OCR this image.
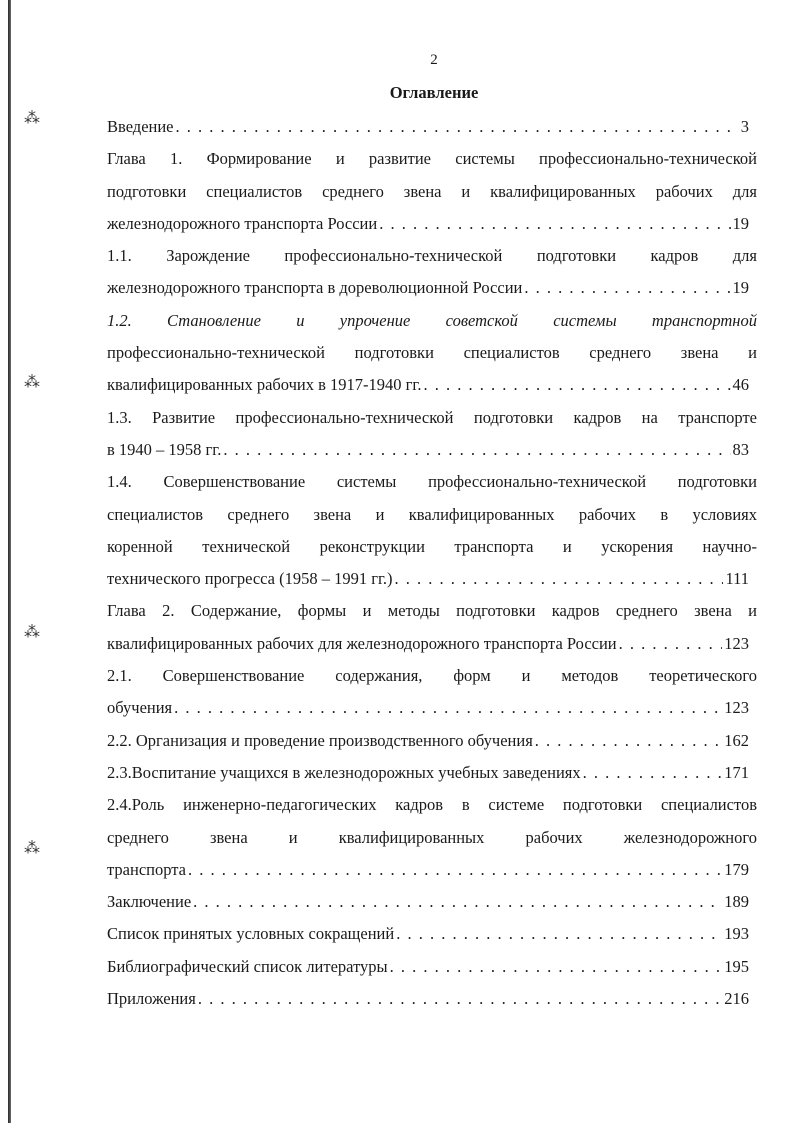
⁂
⁂
⁂
⁂
2
Оглавление
Введение . . .	3
Глава 1. Формирование и развитие системы профессионально-технической
подготовки специалистов среднего звена и квалифицированных рабочих для
железнодорожного транспорта России . . .	19
1.1. Зарождение профессионально-технической подготовки кадров для
железнодорожного транспорта в дореволюционной России . . .	19
1.2. Становление и упрочение советской системы транспортной
профессионально-технической подготовки специалистов среднего звена и
квалифицированных рабочих в 1917-1940 гг. . . .	46
1.3. Развитие профессионально-технической подготовки кадров на транспорте
в 1940 – 1958 гг. . . .	83
1.4. Совершенствование системы профессионально-технической подготовки
специалистов среднего звена и квалифицированных рабочих в условиях
коренной технической реконструкции транспорта и ускорения научно-
технического прогресса (1958 – 1991 гг.) . . .	111
Глава 2. Содержание, формы и методы подготовки кадров среднего звена и
квалифицированных рабочих для железнодорожного транспорта России . . .	123
2.1. Совершенствование содержания, форм и методов теоретического
обучения . . .	123
2.2. Организация и проведение производственного обучения . . .	162
2.3.Воспитание учащихся в железнодорожных учебных заведениях . . .	171
2.4.Роль инженерно-педагогических кадров в системе подготовки специалистов
среднего звена и квалифицированных рабочих железнодорожного
транспорта . . .	179
Заключение . . .	189
Список принятых условных сокращений . . .	193
Библиографический список литературы . . .	195
Приложения . . .	216
